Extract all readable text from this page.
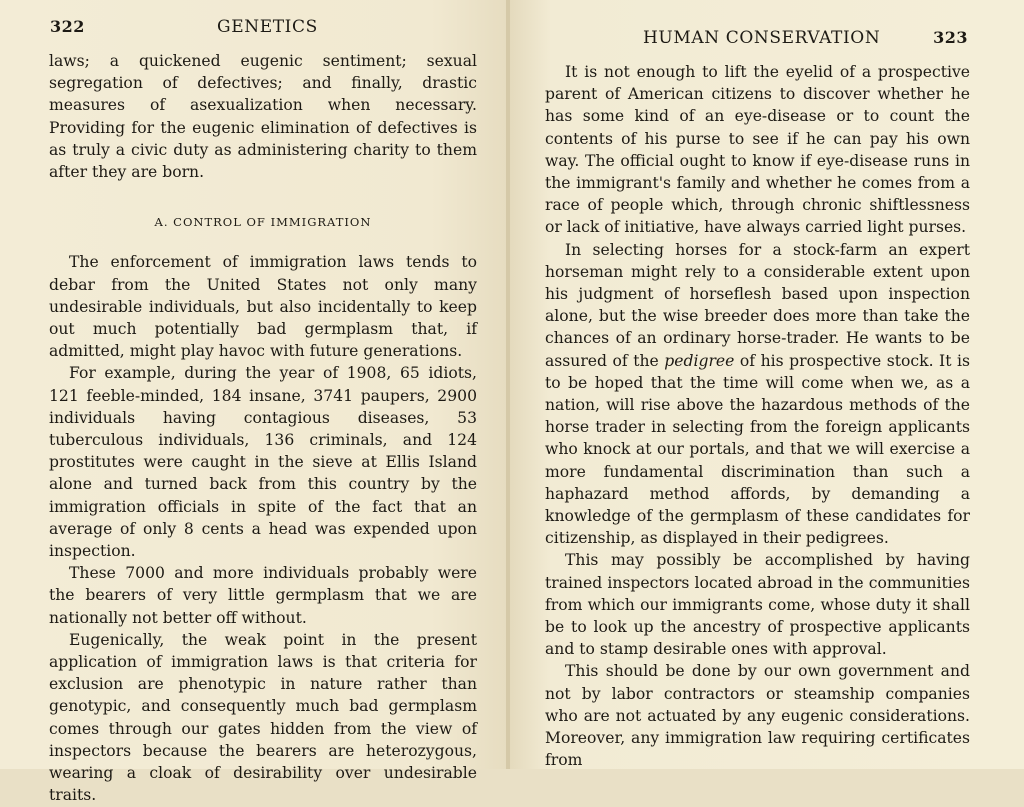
322	GENETICS

laws; a quickened eugenic sentiment; sexual segregation of defectives; and finally, drastic measures of asexualization when necessary. Providing for the eugenic elimination of defectives is as truly a civic duty as administering charity to them after they are born.

A. CONTROL OF IMMIGRATION

The enforcement of immigration laws tends to debar from the United States not only many undesirable individuals, but also incidentally to keep out much potentially bad germplasm that, if admitted, might play havoc with future generations.

For example, during the year of 1908, 65 idiots, 121 feeble-minded, 184 insane, 3741 paupers, 2900 individuals having contagious diseases, 53 tuberculous individuals, 136 criminals, and 124 prostitutes were caught in the sieve at Ellis Island alone and turned back from this country by the immigration officials in spite of the fact that an average of only 8 cents a head was expended upon inspection.

These 7000 and more individuals probably were the bearers of very little germplasm that we are nationally not better off without.

Eugenically, the weak point in the present application of immigration laws is that criteria for exclusion are phenotypic in nature rather than genotypic, and consequently much bad germplasm comes through our gates hidden from the view of inspectors because the bearers are heterozygous, wearing a cloak of desirability over undesirable traits.

HUMAN CONSERVATION	323

It is not enough to lift the eyelid of a prospective parent of American citizens to discover whether he has some kind of an eye-disease or to count the contents of his purse to see if he can pay his own way. The official ought to know if eye-disease runs in the immigrant's family and whether he comes from a race of people which, through chronic shiftlessness or lack of initiative, have always carried light purses.

In selecting horses for a stock-farm an expert horseman might rely to a considerable extent upon his judgment of horseflesh based upon inspection alone, but the wise breeder does more than take the chances of an ordinary horse-trader. He wants to be assured of the pedigree of his prospective stock. It is to be hoped that the time will come when we, as a nation, will rise above the hazardous methods of the horse trader in selecting from the foreign applicants who knock at our portals, and that we will exercise a more fundamental discrimination than such a haphazard method affords, by demanding a knowledge of the germplasm of these candidates for citizenship, as displayed in their pedigrees.

This may possibly be accomplished by having trained inspectors located abroad in the communities from which our immigrants come, whose duty it shall be to look up the ancestry of prospective applicants and to stamp desirable ones with approval.

This should be done by our own government and not by labor contractors or steamship companies who are not actuated by any eugenic considerations. Moreover, any immigration law requiring certificates from
